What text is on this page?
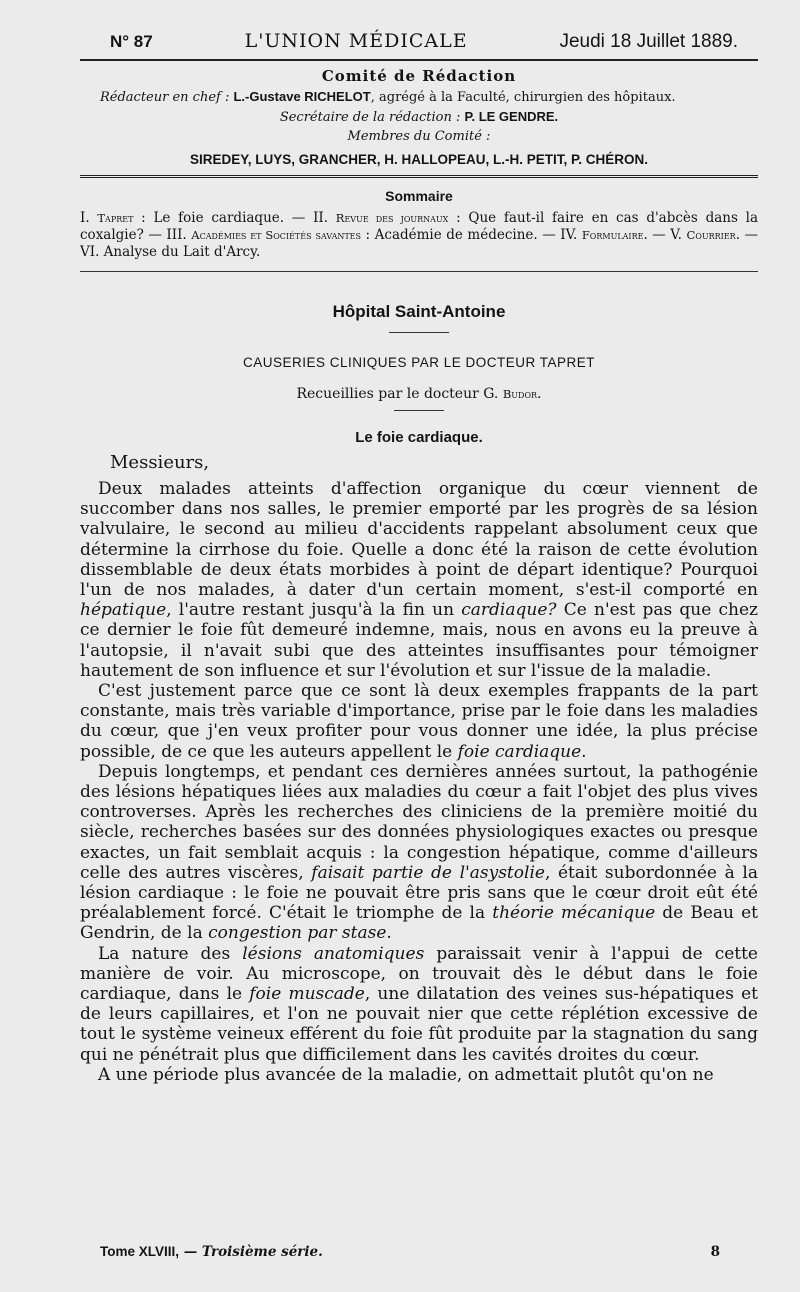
N° 87	L'UNION MÉDICALE	Jeudi 18 Juillet 1889.
Comité de Rédaction
Rédacteur en chef : L.-Gustave RICHELOT, agrégé à la Faculté, chirurgien des hôpitaux.
Secrétaire de la rédaction : P. LE GENDRE.
Membres du Comité :
SIREDEY, LUYS, GRANCHER, H. HALLOPEAU, L.-H. PETIT, P. CHÉRON.
Sommaire
I. Tapret : Le foie cardiaque. — II. Revue des journaux : Que faut-il faire en cas d'abcès dans la coxalgie? — III. Académies et Sociétés savantes : Académie de médecine. — IV. Formulaire. — V. Courrier. — VI. Analyse du Lait d'Arcy.
Hôpital Saint-Antoine
CAUSERIES CLINIQUES PAR LE DOCTEUR TAPRET
Recueillies par le docteur G. Budor.
Le foie cardiaque.
Messieurs,

Deux malades atteints d'affection organique du cœur viennent de succomber dans nos salles, le premier emporté par les progrès de sa lésion valvulaire, le second au milieu d'accidents rappelant absolument ceux que détermine la cirrhose du foie. Quelle a donc été la raison de cette évolution dissemblable de deux états morbides à point de départ identique? Pourquoi l'un de nos malades, à dater d'un certain moment, s'est-il comporté en hépatique, l'autre restant jusqu'à la fin un cardiaque? Ce n'est pas que chez ce dernier le foie fût demeuré indemne, mais, nous en avons eu la preuve à l'autopsie, il n'avait subi que des atteintes insuffisantes pour témoigner hautement de son influence et sur l'évolution et sur l'issue de la maladie.

C'est justement parce que ce sont là deux exemples frappants de la part constante, mais très variable d'importance, prise par le foie dans les maladies du cœur, que j'en veux profiter pour vous donner une idée, la plus précise possible, de ce que les auteurs appellent le foie cardiaque.

Depuis longtemps, et pendant ces dernières années surtout, la pathogénie des lésions hépatiques liées aux maladies du cœur a fait l'objet des plus vives controverses. Après les recherches des cliniciens de la première moitié du siècle, recherches basées sur des données physiologiques exactes ou presque exactes, un fait semblait acquis : la congestion hépatique, comme d'ailleurs celle des autres viscères, faisait partie de l'asystolie, était subordonnée à la lésion cardiaque : le foie ne pouvait être pris sans que le cœur droit eût été préalablement forcé. C'était le triomphe de la théorie mécanique de Beau et Gendrin, de la congestion par stase.

La nature des lésions anatomiques paraissait venir à l'appui de cette manière de voir. Au microscope, on trouvait dès le début dans le foie cardiaque, dans le foie muscade, une dilatation des veines sus-hépatiques et de leurs capillaires, et l'on ne pouvait nier que cette réplétion excessive de tout le système veineux efférent du foie fût produite par la stagnation du sang qui ne pénétrait plus que difficilement dans les cavités droites du cœur.

A une période plus avancée de la maladie, on admettait plutôt qu'on ne

Tome XLVIII, — Troisième série.	8
